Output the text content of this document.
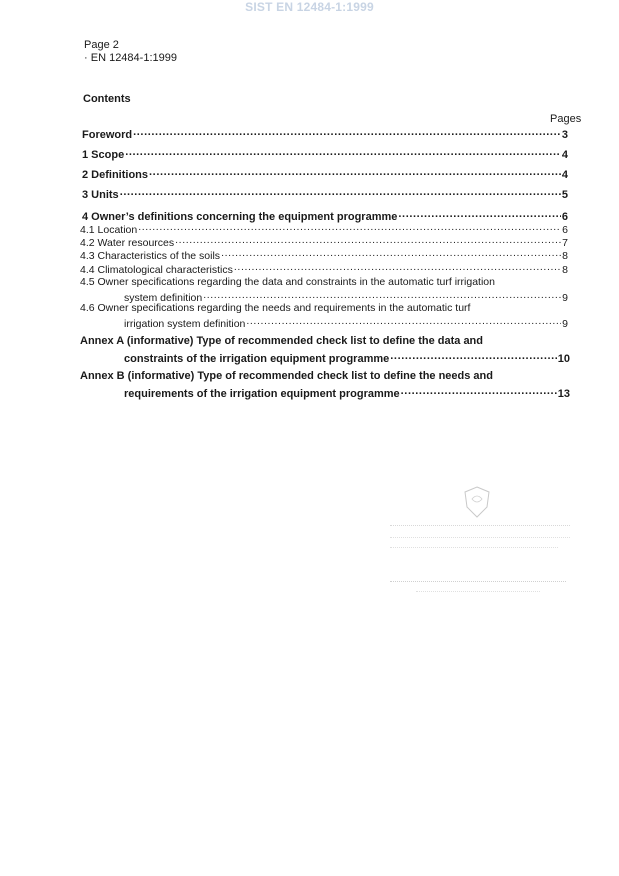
SIST EN 12484-1:1999
Page 2
· EN 12484-1:1999
Contents
Pages
Foreword .....	3
1 Scope .....	4
2 Definitions .....	4
3 Units .....	5
4 Owner’s definitions concerning the equipment programme .....	6
4.1 Location .....	6
4.2 Water resources .....	7
4.3 Characteristics of the soils .....	8
4.4 Climatological characteristics .....	8
4.5 Owner specifications regarding the data and constraints in the automatic turf irrigation
system definition .....	9
4.6 Owner specifications regarding the needs and requirements in the automatic turf
irrigation system definition .....	9
Annex A (informative) Type of recommended check list to define the data and
constraints of the irrigation equipment programme .....	10
Annex B (informative) Type of recommended check list to define the needs and
requirements of the irrigation equipment programme .....	13
